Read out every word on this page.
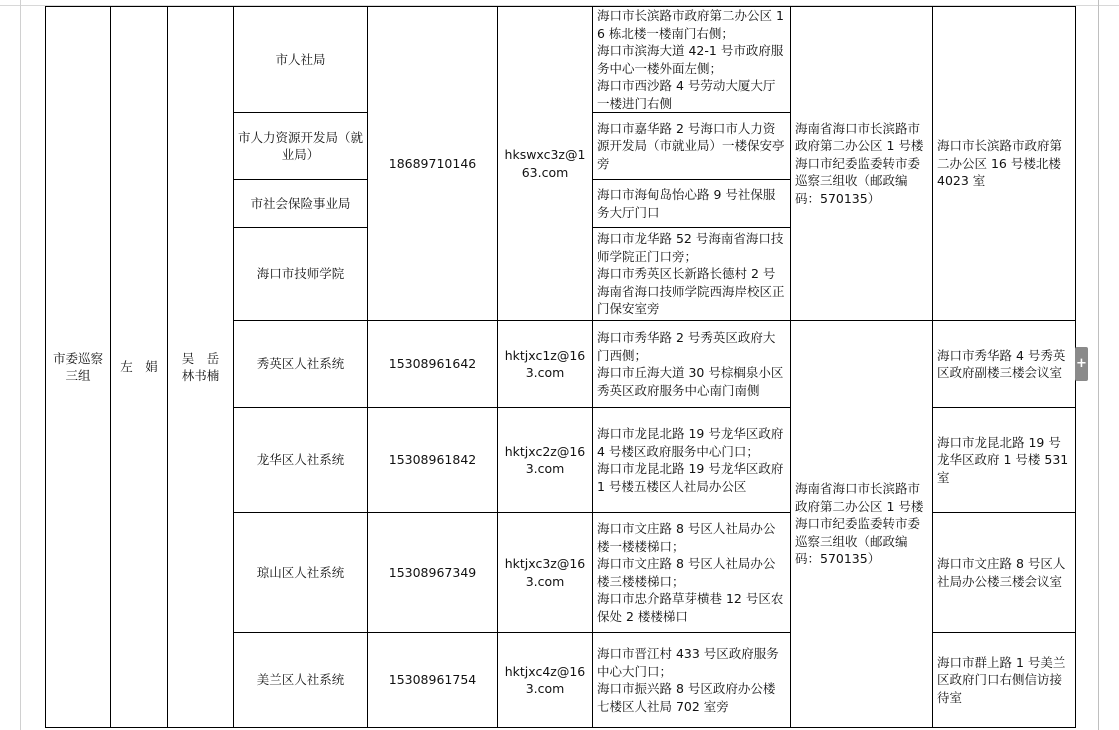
市委巡察三组	左　娟	吴　岳
林书楠	市人社局	18689710146	hkswxc3z@163.com	海口市长滨路市政府第二办公区 16 栋北楼一楼南门右侧；
海口市滨海大道 42-1 号市政府服务中心一楼外面左侧；
海口市西沙路 4 号劳动大厦大厅一楼进门右侧	海南省海口市长滨路市政府第二办公区 1 号楼海口市纪委监委转市委巡察三组收（邮政编码：570135）	海口市长滨路市政府第二办公区 16 号楼北楼 4023 室
			市人力资源开发局（就业局）			海口市嘉华路 2 号海口市人力资源开发局（市就业局）一楼保安亭旁		
			市社会保险事业局			海口市海甸岛怡心路 9 号社保服务大厅门口		
			海口市技师学院			海口市龙华路 52 号海南省海口技师学院正门口旁；
海口市秀英区长新路长德村 2 号海南省海口技师学院西海岸校区正门保安室旁		
			秀英区人社系统	15308961642	hktjxc1z@163.com	海口市秀华路 2 号秀英区政府大门西侧；
海口市丘海大道 30 号棕榈泉小区秀英区政府服务中心南门南侧	海南省海口市长滨路市政府第二办公区 1 号楼海口市纪委监委转市委巡察三组收（邮政编码：570135）	海口市秀华路 4 号秀英区政府副楼三楼会议室
			龙华区人社系统	15308961842	hktjxc2z@163.com	海口市龙昆北路 19 号龙华区政府 4 号楼区政府服务中心门口；
海口市龙昆北路 19 号龙华区政府 1 号楼五楼区人社局办公区		海口市龙昆北路 19 号龙华区政府 1 号楼 531 室
			琼山区人社系统	15308967349	hktjxc3z@163.com	海口市文庄路 8 号区人社局办公楼一楼楼梯口；
海口市文庄路 8 号区人社局办公楼三楼楼梯口；
海口市忠介路草芽横巷 12 号区农保处 2 楼楼梯口		海口市文庄路 8 号区人社局办公楼三楼会议室
			美兰区人社系统	15308961754	hktjxc4z@163.com	海口市晋江村 433 号区政府服务中心大门口；
海口市振兴路 8 号区政府办公楼七楼区人社局 702 室旁		海口市群上路 1 号美兰区政府门口右侧信访接待室
+
